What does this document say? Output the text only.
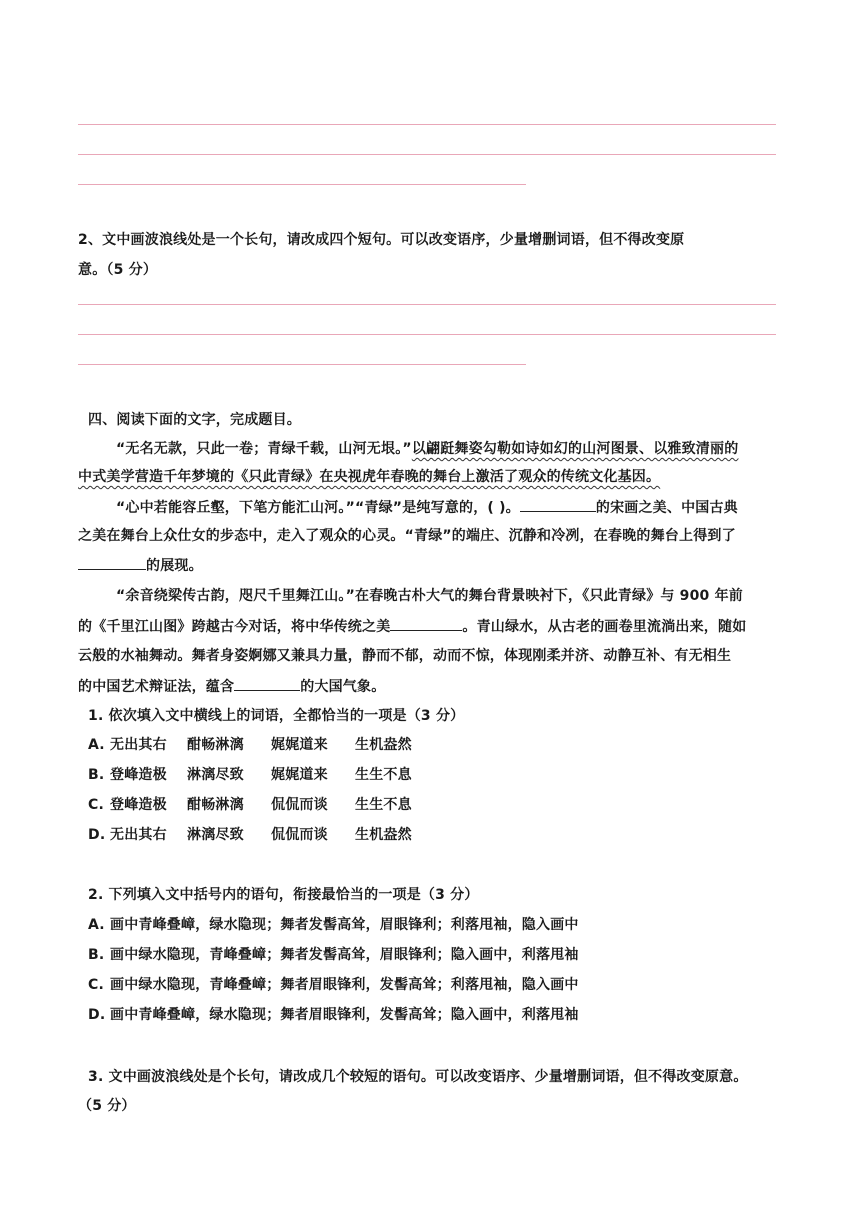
2、文中画波浪线处是一个长句，请改成四个短句。可以改变语序，少量增删词语，但不得改变原
意。（5 分）
四、阅读下面的文字，完成题目。
“无名无款，只此一卷；青绿千载，山河无垠。”以翩跹舞姿勾勒如诗如幻的山河图景、以雅致清丽的
中式美学营造千年梦境的《只此青绿》在央视虎年春晚的舞台上激活了观众的传统文化基因。
“心中若能容丘壑，下笔方能汇山河。”“青绿”是纯写意的，( )。	的宋画之美、中国古典
之美在舞台上众仕女的步态中，走入了观众的心灵。“青绿”的端庄、沉静和冷冽，在春晚的舞台上得到了
的展现。
“余音绕梁传古韵，咫尺千里舞江山。”在春晚古朴大气的舞台背景映衬下，《只此青绿》与 900 年前
的《千里江山图》跨越古今对话，将中华传统之美	。青山绿水，从古老的画卷里流淌出来，随如
云般的水袖舞动。舞者身姿婀娜又兼具力量，静而不郁，动而不惊，体现刚柔并济、动静互补、有无相生
的中国艺术辩证法，蕴含	的大国气象。
1. 依次填入文中横线上的词语，全都恰当的一项是（3 分）
A. 无出其右 酣畅淋漓 娓娓道来 生机盎然
B. 登峰造极 淋漓尽致 娓娓道来 生生不息
C. 登峰造极 酣畅淋漓 侃侃而谈 生生不息
D. 无出其右 淋漓尽致 侃侃而谈 生机盎然
2. 下列填入文中括号内的语句，衔接最恰当的一项是（3 分）
A. 画中青峰叠嶂，绿水隐现；舞者发髻高耸，眉眼锋利；利落甩袖，隐入画中
B. 画中绿水隐现，青峰叠嶂；舞者发髻高耸，眉眼锋利；隐入画中，利落甩袖
C. 画中绿水隐现，青峰叠嶂；舞者眉眼锋利，发髻高耸；利落甩袖，隐入画中
D. 画中青峰叠嶂，绿水隐现；舞者眉眼锋利，发髻高耸；隐入画中，利落甩袖
3. 文中画波浪线处是个长句，请改成几个较短的语句。可以改变语序、少量增删词语，但不得改变原意。
（5 分）
